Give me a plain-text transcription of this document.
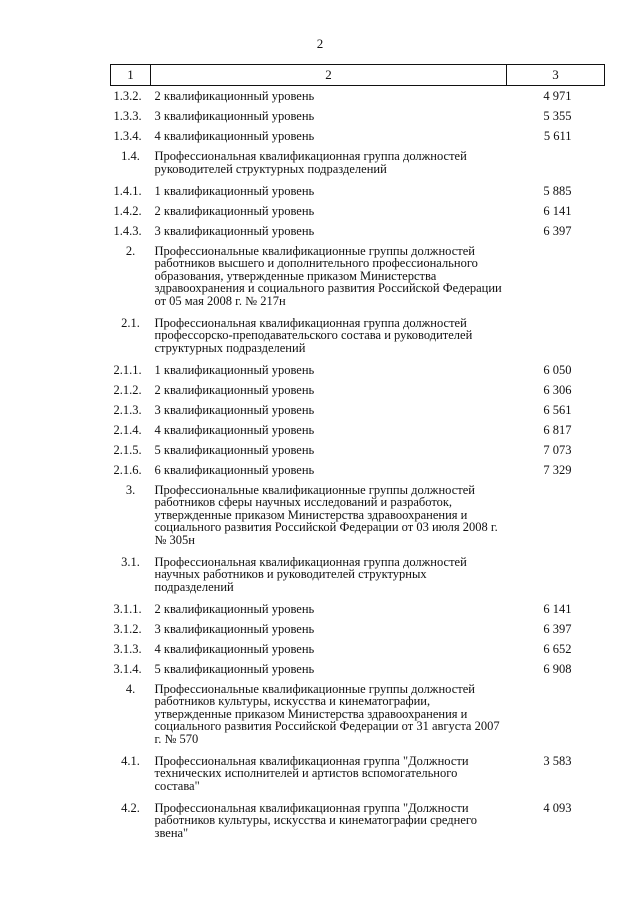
2
1	2	3
1.3.2.	2 квалификационный уровень	4 971
1.3.3.	3 квалификационный уровень	5 355
1.3.4.	4 квалификационный уровень	5 611
1.4.	Профессиональная квалификационная группа должностей руководителей структурных подразделений	
1.4.1.	1 квалификационный уровень	5 885
1.4.2.	2 квалификационный уровень	6 141
1.4.3.	3 квалификационный уровень	6 397
2.	Профессиональные квалификационные группы должностей работников высшего и дополнительного профессионального образования, утвержденные приказом Министерства здравоохранения и социального развития Российской Федерации от 05 мая 2008 г. № 217н	
2.1.	Профессиональная квалификационная группа должностей профессорско-преподавательского состава и руководителей структурных подразделений	
2.1.1.	1 квалификационный уровень	6 050
2.1.2.	2 квалификационный уровень	6 306
2.1.3.	3 квалификационный уровень	6 561
2.1.4.	4 квалификационный уровень	6 817
2.1.5.	5 квалификационный уровень	7 073
2.1.6.	6 квалификационный уровень	7 329
3.	Профессиональные квалификационные группы должностей работников сферы научных исследований и разработок, утвержденные приказом Министерства здравоохранения и социального развития Российской Федерации от 03 июля 2008 г. № 305н	
3.1.	Профессиональная квалификационная группа должностей научных работников и руководителей структурных подразделений	
3.1.1.	2 квалификационный уровень	6 141
3.1.2.	3 квалификационный уровень	6 397
3.1.3.	4 квалификационный уровень	6 652
3.1.4.	5 квалификационный уровень	6 908
4.	Профессиональные квалификационные группы должностей работников культуры, искусства и кинематографии, утвержденные приказом Министерства здравоохранения и социального развития Российской Федерации от 31 августа 2007 г. № 570	
4.1.	Профессиональная квалификационная группа "Должности технических исполнителей и артистов вспомогательного состава"	3 583
4.2.	Профессиональная квалификационная группа "Должности работников культуры, искусства и кинематографии среднего звена"	4 093
